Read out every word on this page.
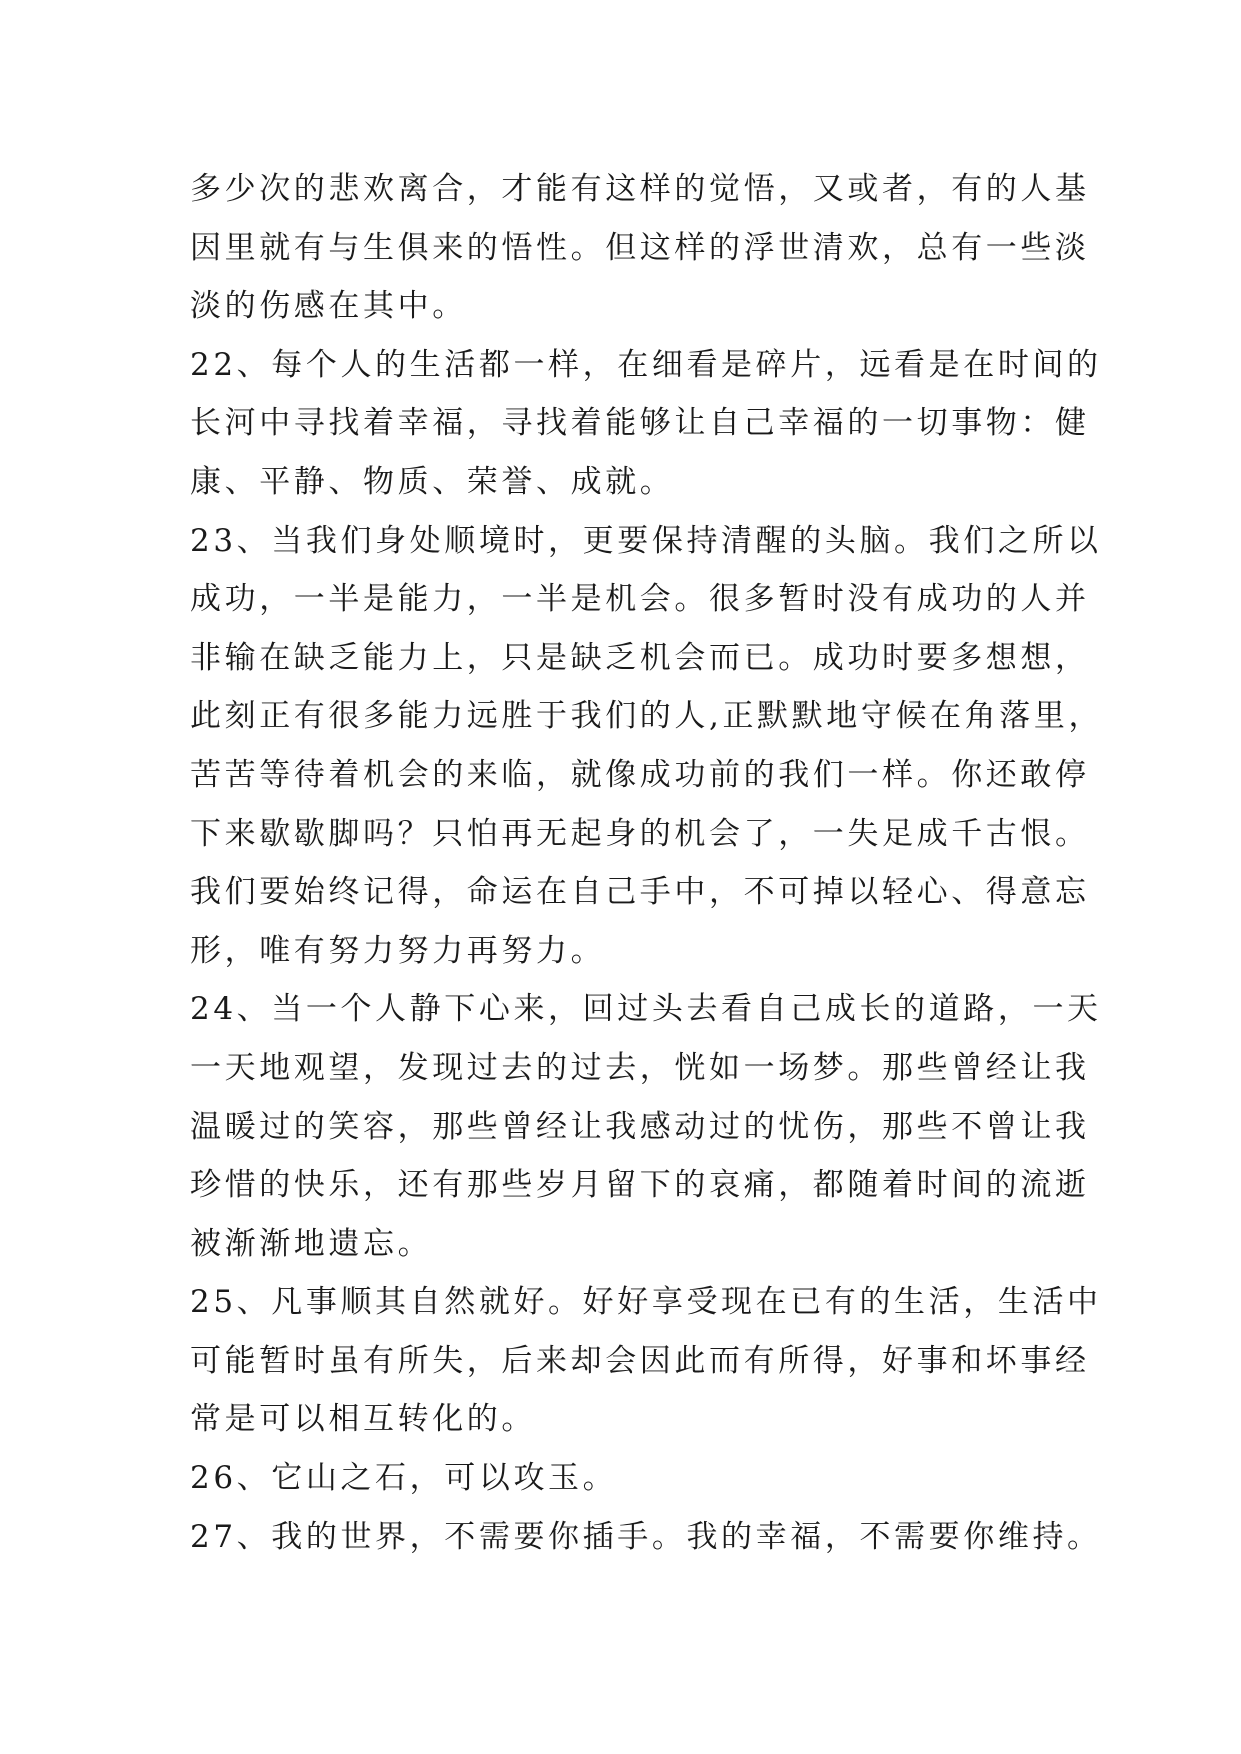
多少次的悲欢离合，才能有这样的觉悟，又或者，有的人基
因里就有与生俱来的悟性。但这样的浮世清欢，总有一些淡
淡的伤感在其中。
22、每个人的生活都一样，在细看是碎片，远看是在时间的
长河中寻找着幸福，寻找着能够让自己幸福的一切事物：健
康、平静、物质、荣誉、成就。
23、当我们身处顺境时，更要保持清醒的头脑。我们之所以
成功，一半是能力，一半是机会。很多暂时没有成功的人并
非输在缺乏能力上，只是缺乏机会而已。成功时要多想想，
此刻正有很多能力远胜于我们的人,正默默地守候在角落里，
苦苦等待着机会的来临，就像成功前的我们一样。你还敢停
下来歇歇脚吗？只怕再无起身的机会了，一失足成千古恨。
我们要始终记得，命运在自己手中，不可掉以轻心、得意忘
形，唯有努力努力再努力。
24、当一个人静下心来，回过头去看自己成长的道路，一天
一天地观望，发现过去的过去，恍如一场梦。那些曾经让我
温暖过的笑容，那些曾经让我感动过的忧伤，那些不曾让我
珍惜的快乐，还有那些岁月留下的哀痛，都随着时间的流逝
被渐渐地遗忘。
25、凡事顺其自然就好。好好享受现在已有的生活，生活中
可能暂时虽有所失，后来却会因此而有所得，好事和坏事经
常是可以相互转化的。
26、它山之石，可以攻玉。
27、我的世界，不需要你插手。我的幸福，不需要你维持。
